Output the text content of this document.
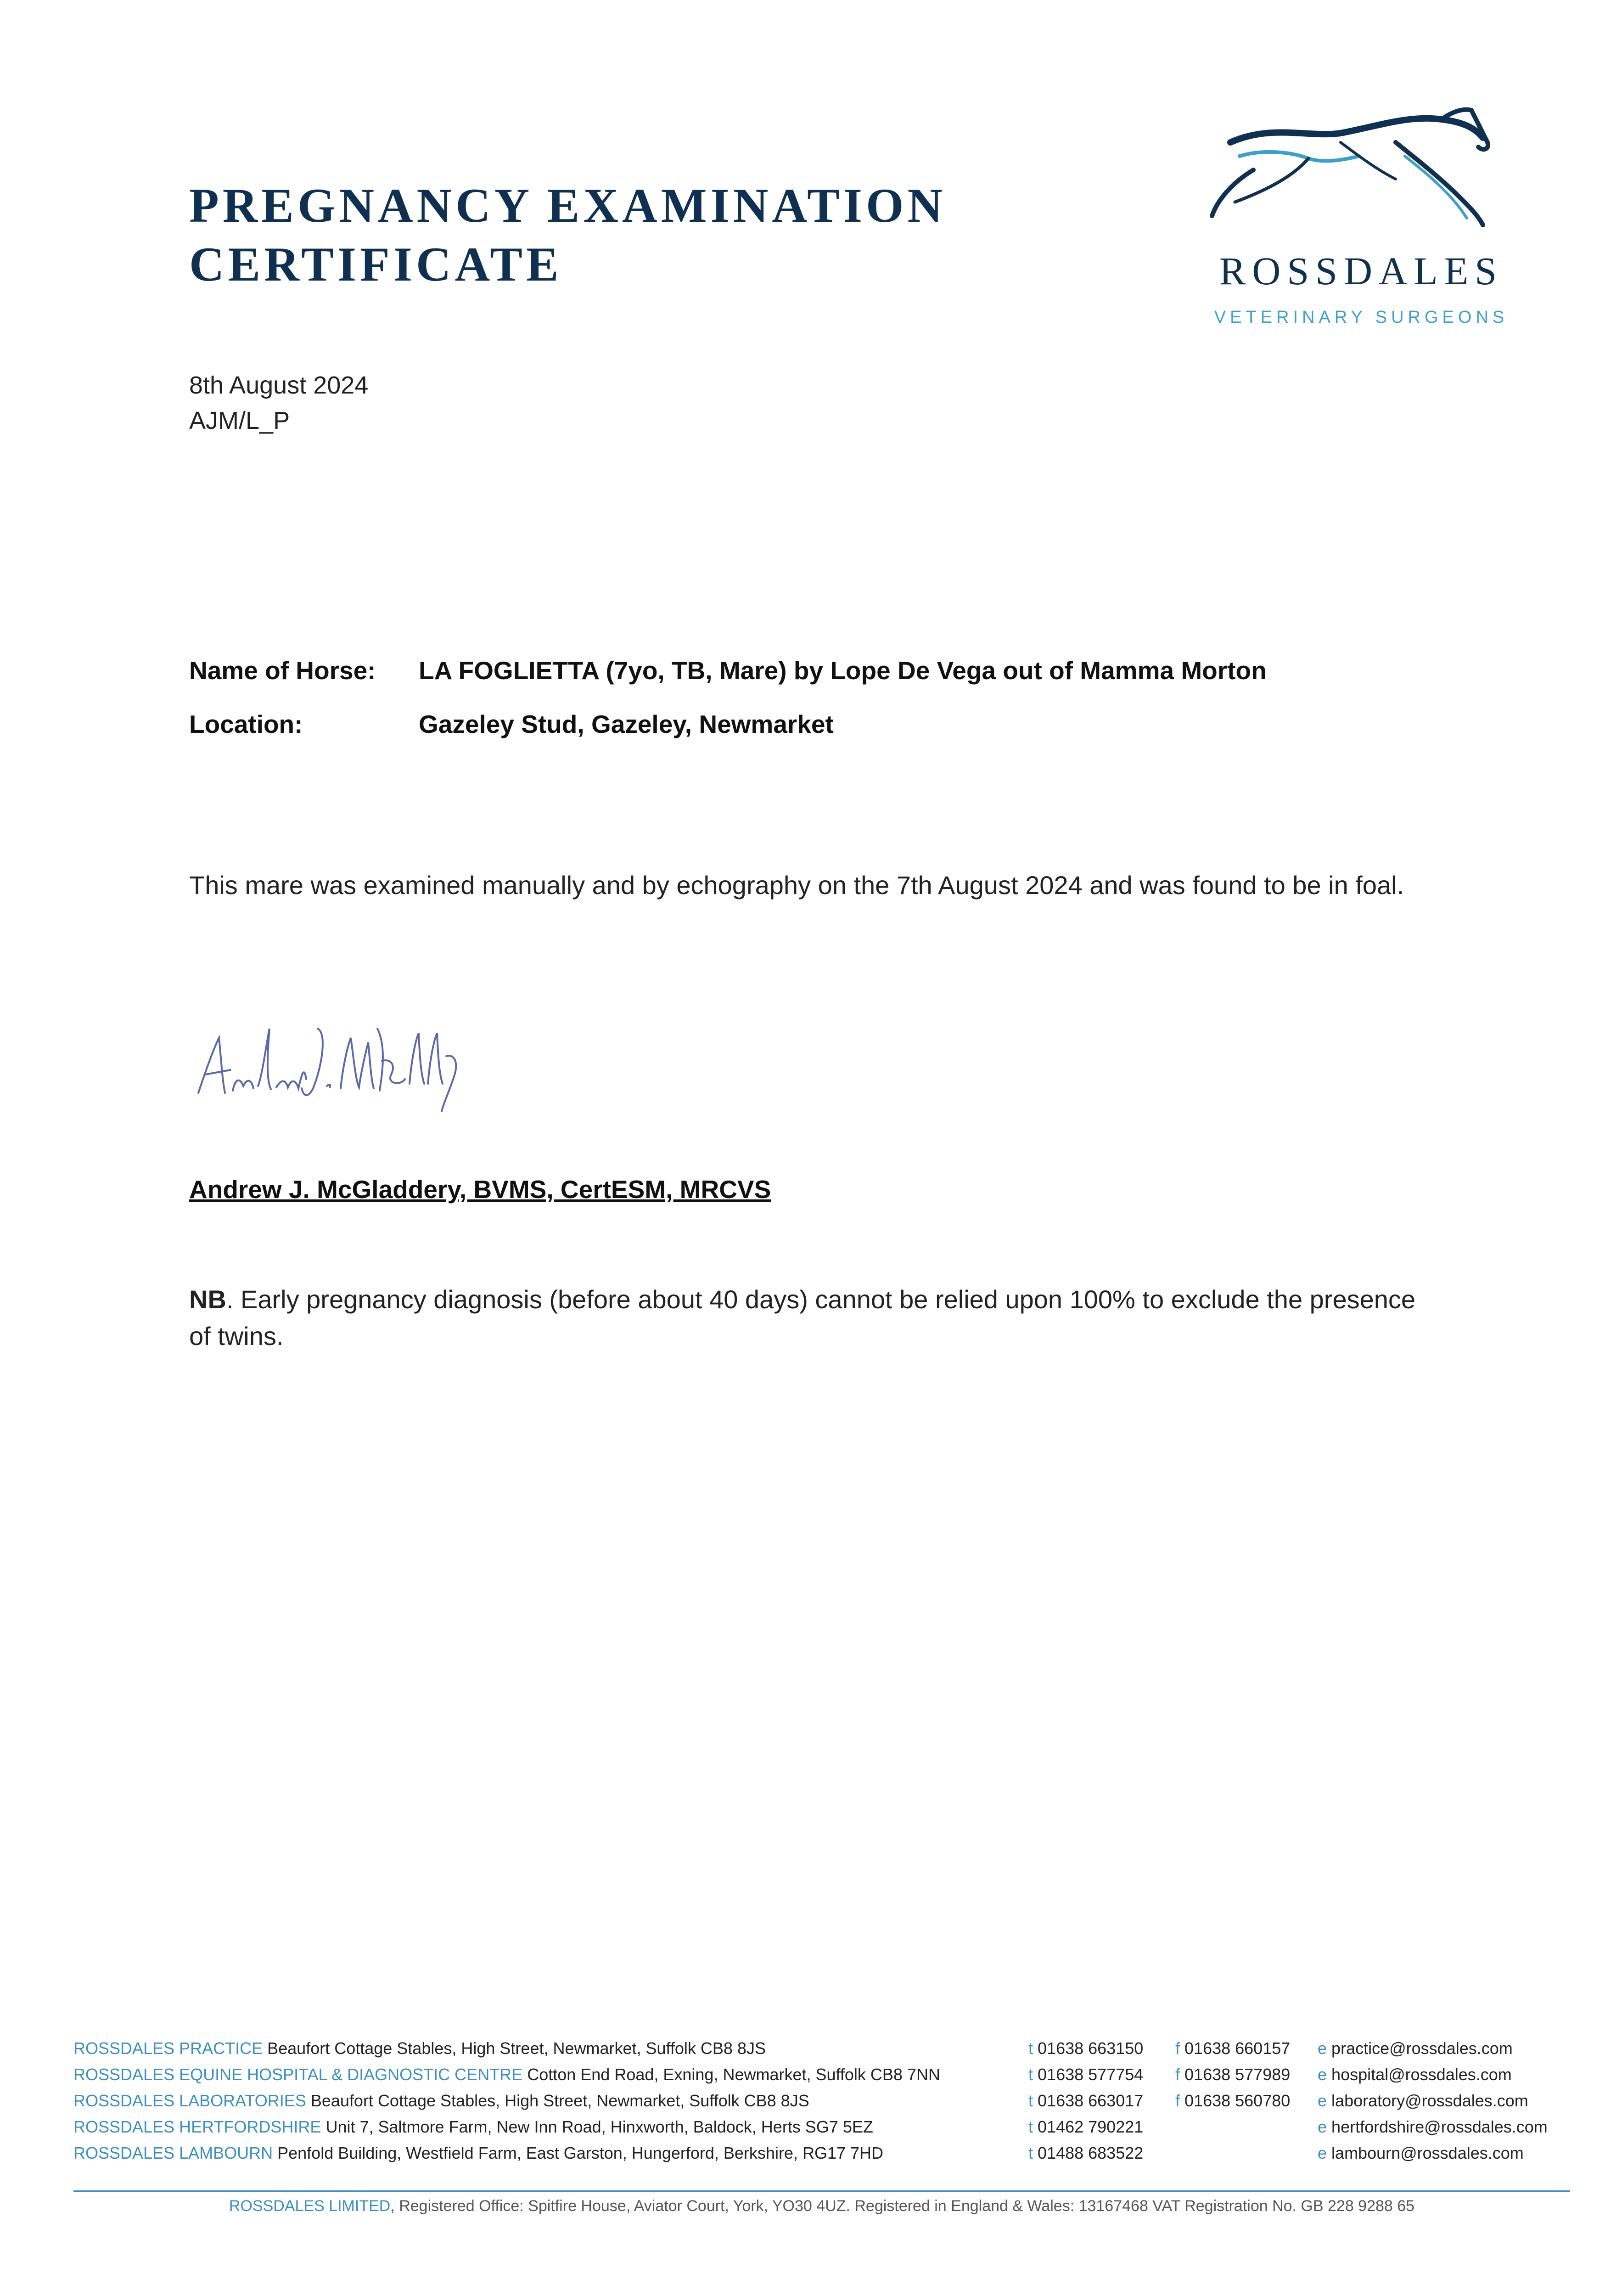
PREGNANCY EXAMINATION
CERTIFICATE	ROSSDALES
VETERINARY SURGEONS
8th August 2024
AJM/L_P
Name of Horse: LA FOGLIETTA (7yo, TB, Mare) by Lope De Vega out of Mamma Morton
Location:	Gazeley Stud, Gazeley, Newmarket

This mare was examined manually and by echography on the 7th August 2024 and was found to be in foal.

Andrew J. McGladdery, BVMS, CertESM, MRCVS

NB. Early pregnancy diagnosis (before about 40 days) cannot be relied upon 100% to exclude the presence of twins.

ROSSDALES PRACTICE Beaufort Cottage Stables, High Street, Newmarket, Suffolk CB8 8JS	t 01638 663150 f 01638 660157 e practice@rossdales.com
ROSSDALES EQUINE HOSPITAL & DIAGNOSTIC CENTRE Cotton End Road, Exning, Newmarket, Suffolk CB8 7NN	t 01638 577754 f 01638 577989 e hospital@rossdales.com
ROSSDALES LABORATORIES Beaufort Cottage Stables, High Street, Newmarket, Suffolk CB8 8JS	t 01638 663017 f 01638 560780 e laboratory@rossdales.com
ROSSDALES HERTFORDSHIRE Unit 7, Saltmore Farm, New Inn Road, Hinxworth, Baldock, Herts SG7 5EZ	t 01462 790221	e hertfordshire@rossdales.com
ROSSDALES LAMBOURN Penfold Building, Westfield Farm, East Garston, Hungerford, Berkshire, RG17 7HD	t 01488 683522	e lambourn@rossdales.com
ROSSDALES LIMITED, Registered Office: Spitfire House, Aviator Court, York, YO30 4UZ. Registered in England & Wales: 13167468 VAT Registration No. GB 228 9288 65
